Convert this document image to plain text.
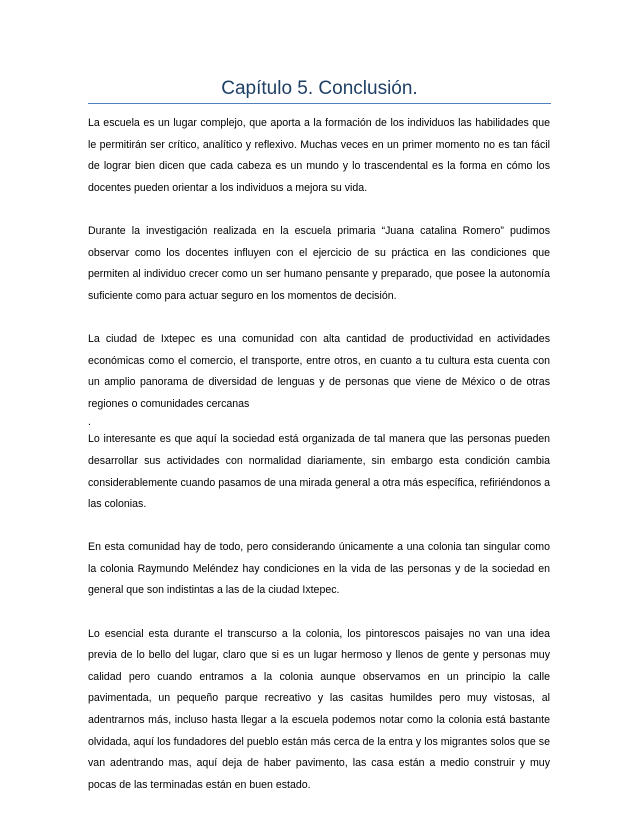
Capítulo 5. Conclusión.

La escuela es un lugar complejo, que aporta a la formación de los individuos las habilidades que le permitirán ser crítico, analítico y reflexivo. Muchas veces en un primer momento no es tan fácil de lograr bien dicen que cada cabeza es un mundo y lo trascendental es la forma en cómo los docentes pueden orientar a los individuos a mejora su vida.

Durante la investigación realizada en la escuela primaria “Juana catalina Romero” pudimos observar como los docentes influyen con el ejercicio de su práctica en las condiciones que permiten al individuo crecer como un ser humano pensante y preparado, que posee la autonomía suficiente como para actuar seguro en los momentos de decisión.

La ciudad de Ixtepec es una comunidad con alta cantidad de productividad en actividades económicas como el comercio, el transporte, entre otros, en cuanto a tu cultura esta cuenta con un amplio panorama de diversidad de lenguas y de personas que viene de México o de otras regiones o comunidades cercanas

.

Lo interesante es que aquí la sociedad está organizada de tal manera que las personas pueden desarrollar sus actividades con normalidad diariamente, sin embargo esta condición cambia considerablemente cuando pasamos de una mirada general a otra más específica, refiriéndonos a las colonias.

En esta comunidad hay de todo, pero considerando únicamente a una colonia tan singular como la colonia Raymundo Meléndez hay condiciones en la vida de las personas y de la sociedad en general que son indistintas a las de la ciudad Ixtepec.

Lo esencial esta durante el transcurso a la colonia, los pintorescos paisajes no van una idea previa de lo bello del lugar, claro que si es un lugar hermoso y llenos de gente y personas muy calidad pero cuando entramos a la colonia aunque observamos en un principio la calle pavimentada, un pequeño parque recreativo y las casitas humildes pero muy vistosas, al adentrarnos más, incluso hasta llegar a la escuela podemos notar como la colonia está bastante olvidada, aquí los fundadores del pueblo están más cerca de la entra y los migrantes solos que se van adentrando mas, aquí deja de haber pavimento, las casa están a medio construir y muy pocas de las terminadas están en buen estado.
